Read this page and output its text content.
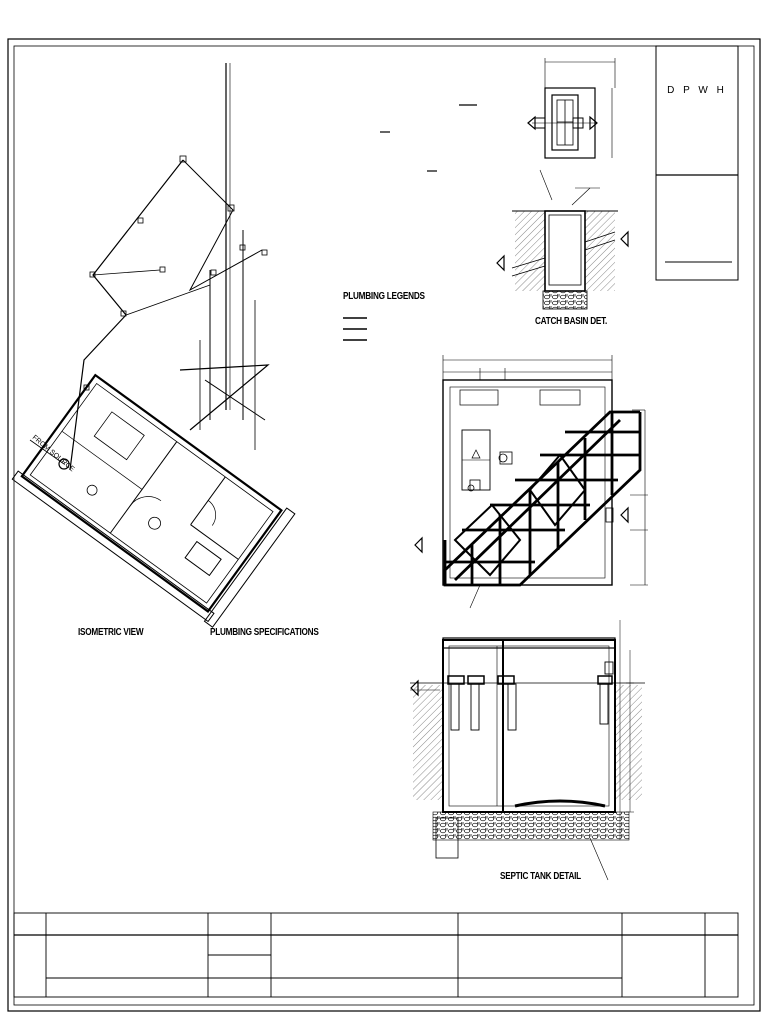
FROM SOURCE
D P W H
ISOMETRIC VIEW	PLUMBING SPECIFICATIONS
PLUMBING LEGENDS
CATCH BASIN DET.
SEPTIC TANK DETAIL
